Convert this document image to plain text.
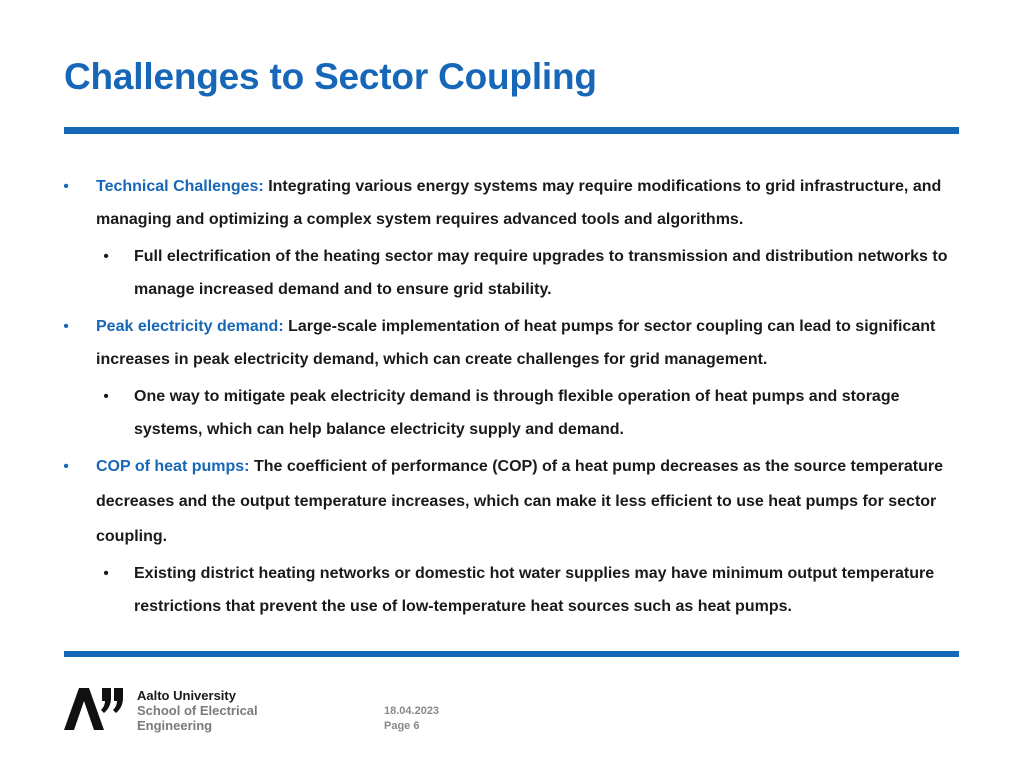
Challenges to Sector Coupling
• Technical Challenges: Integrating various energy systems may require modifications to grid infrastructure, and managing and optimizing a complex system requires advanced tools and algorithms.
• Full electrification of the heating sector may require upgrades to transmission and distribution networks to manage increased demand and to ensure grid stability.
• Peak electricity demand: Large-scale implementation of heat pumps for sector coupling can lead to significant increases in peak electricity demand, which can create challenges for grid management.
• One way to mitigate peak electricity demand is through flexible operation of heat pumps and storage systems, which can help balance electricity supply and demand.
• COP of heat pumps: The coefficient of performance (COP) of a heat pump decreases as the source temperature decreases and the output temperature increases, which can make it less efficient to use heat pumps for sector coupling.
• Existing district heating networks or domestic hot water supplies may have minimum output temperature restrictions that prevent the use of low-temperature heat sources such as heat pumps.
Aalto University
School of Electrical
Engineering
18.04.2023
Page 6
